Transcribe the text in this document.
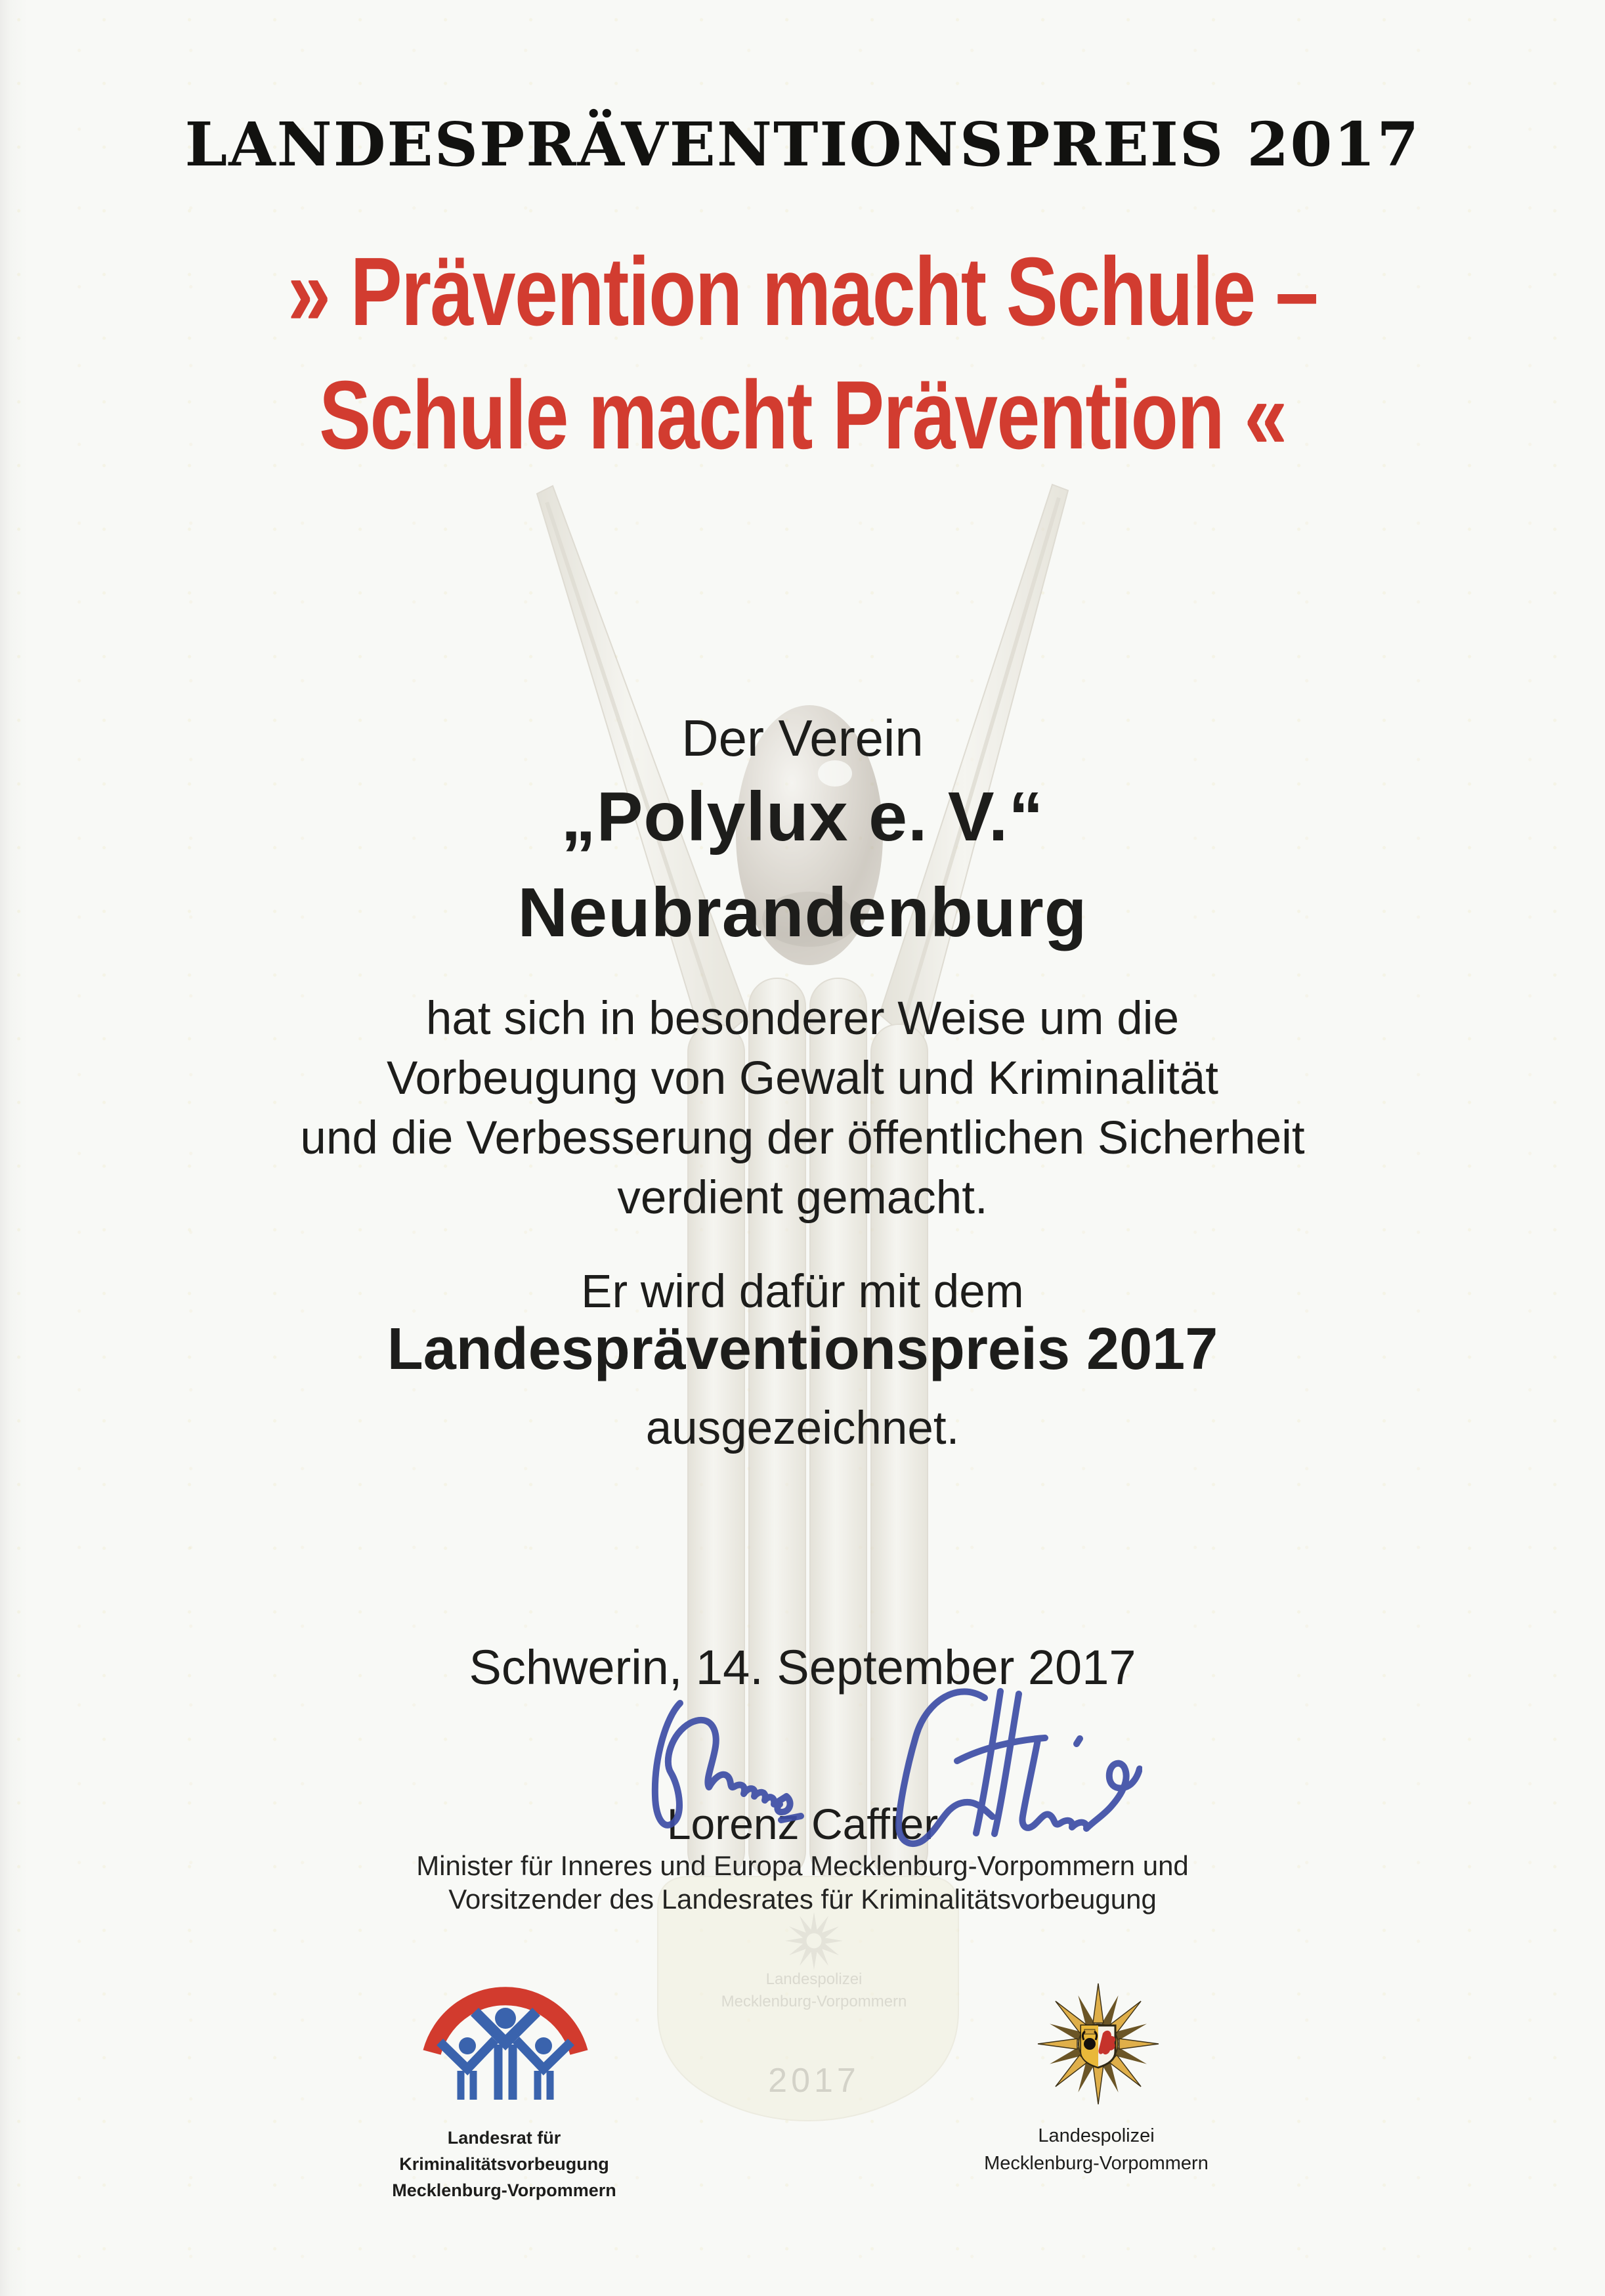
Landespolizei
Mecklenburg-Vorpommern
2017
LANDESPRÄVENTIONSPREIS 2017
» Prävention macht Schule –
Schule macht Prävention «
Der Verein
„Polylux e. V.“
Neubrandenburg
hat sich in besonderer Weise um die
Vorbeugung von Gewalt und Kriminalität
und die Verbesserung der öffentlichen Sicherheit
verdient gemacht.
Er wird dafür mit dem
Landespräventionspreis 2017
ausgezeichnet.
Schwerin, 14. September 2017
Lorenz Caffier
Minister für Inneres und Europa Mecklenburg-Vorpommern und
Vorsitzender des Landesrates für Kriminalitätsvorbeugung
Landesrat für Kriminalitätsvorbeugung
Mecklenburg-Vorpommern
Landespolizei
Mecklenburg-Vorpommern
